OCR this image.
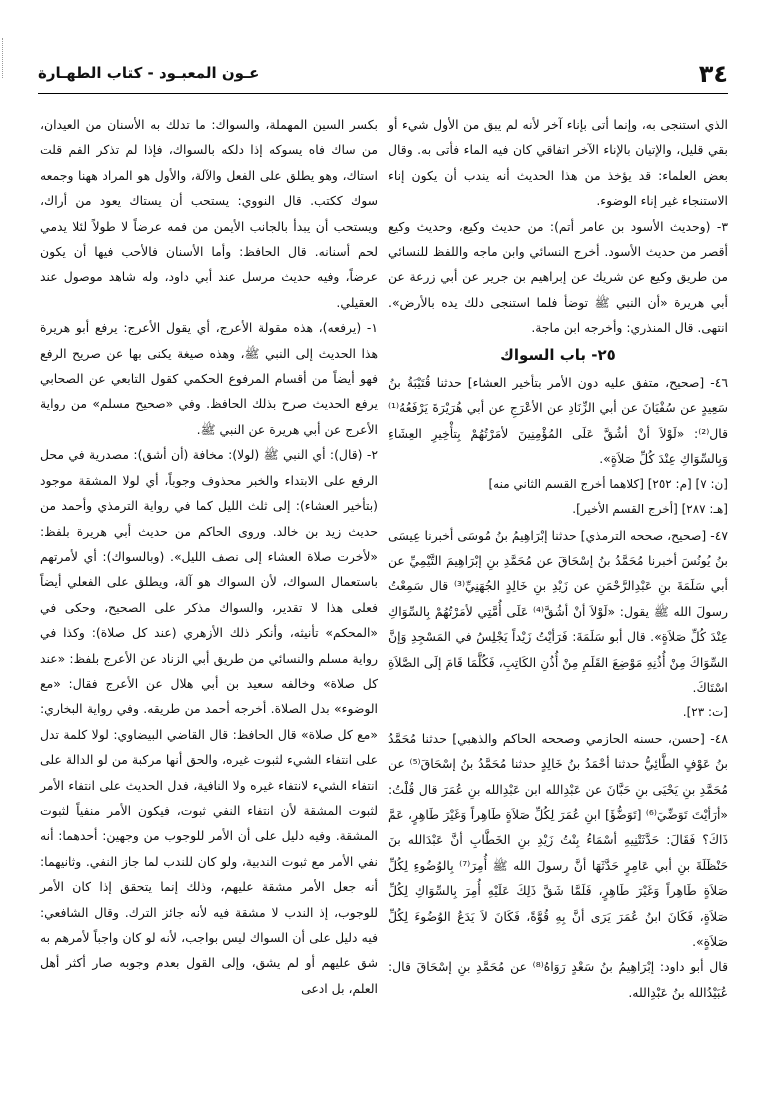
٣٤
عـون المعبـود - كتاب الطهـارة

الذي استنجى به، وإنما أتى بإناء آخر لأنه لم يبق من الأول شيء أو بقي قليل، والإتيان بالإناء الآخر اتفاقي كان فيه الماء فأتى به. وقال بعض العلماء: قد يؤخذ من هذا الحديث أنه يندب أن يكون إناء الاستنجاء غير إناء الوضوء.

٣- (وحديث الأسود بن عامر أتم): من حديث وكيع، وحديث وكيع أقصر من حديث الأسود. أخرج النسائي وابن ماجه واللفظ للنسائي من طريق وكيع عن شريك عن إبراهيم بن جرير عن أبي زرعة عن أبي هريرة «أن النبي ﷺ توضأ فلما استنجى دلك يده بالأرض». انتهى. قال المنذري: وأخرجه ابن ماجة.

٢٥- باب السواك

٤٦- [صحيح، متفق عليه دون الأمر بتأخير العشاء] حدثنا قُتَيْبَةُ بنُ سَعِيدٍ عن سُفْيَانَ عن أبي الزِّنَادِ عن الأعْرَجِ عن أبي هُرَيْرَةَ يَرْفَعُهُ⁽¹⁾ قال⁽²⁾: «لَوْلاَ أنْ أشُقَّ عَلَى المُؤْمِنِينَ لأمَرْتُهُمْ بِتأْخِيرِ العِشَاءِ وَبِالسِّوَاكِ عِنْدَ كُلِّ صَلاَةٍ».

[ن: ٧] [م: ٢٥٢] [كلاهما أخرج القسم الثاني منه]

[هـ: ٢٨٧] [أخرج القسم الأخير].

٤٧- [صحيح، صححه الترمذي] حدثنا إبْرَاهِيمُ بنُ مُوسَى أخبرنا عِيسَى بنُ يُونُسَ أخبرنا مُحَمَّدُ بنُ إسْحَاقَ عن مُحَمَّدِ بنِ إبْرَاهِيمَ التَّيْمِيِّ عن أبي سَلَمَةَ بنِ عَبْدِالرَّحْمَنِ عن زَيْدِ بنِ خَالِدٍ الجُهَنِيِّ⁽³⁾ قال سَمِعْتُ رسولَ الله ﷺ يقول: «لَوْلاَ أنْ أشُقَّ⁽⁴⁾ عَلَى أُمَّتِي لأمَرْتُهُمْ بِالسِّوَاكِ عِنْدَ كُلِّ صَلاَةٍ». قال أبو سَلَمَةَ: فَرَأيْتُ زَيْداً يَجْلِسُ في المَسْجِدِ وَإنَّ السِّوَاكَ مِنْ أُذُنِهِ مَوْضِعَ القَلَمِ مِنْ أُذُنِ الكَاتِبِ، فَكُلَّمَا قَامَ إلَى الصَّلاَةِ اسْتَاكَ.

[ت: ٢٣].

٤٨- [حسن، حسنه الحازمي وصححه الحاكم والذهبي] حدثنا مُحَمَّدُ بنُ عَوْفٍ الطَّائِيُّ حدثنا أحْمَدُ بنُ خَالِدٍ حدثنا مُحَمَّدُ بنُ إسْحَاقَ⁽⁵⁾ عن مُحَمَّدِ بنِ يَحْيَى بنِ حَبَّانَ عن عَبْدِالله ابن عَبْدِالله بنِ عُمَرَ قال قُلْتُ: «أرَأيْتَ تَوَضِّيَ⁽⁶⁾ [تَوَضُّؤَ] ابنِ عُمَرَ لِكُلِّ صَلاَةٍ طَاهِراً وَغَيْرَ طَاهِرٍ، عَمَّ ذَاكَ؟ فَقَالَ: حَدَّثَتْنِيهِ أسْمَاءُ بِنْتُ زَيْدِ بنِ الخَطَّابِ أنَّ عَبْدَالله بنَ حَنْظَلَةَ بنِ أبي عَامِرٍ حَدَّثَهَا أنَّ رسولَ الله ﷺ أُمِرَ⁽⁷⁾ بِالوُضُوءِ لِكُلِّ صَلاَةٍ طَاهِراً وَغَيْرَ طَاهِرٍ، فَلَمَّا شَقَّ ذَلِكَ عَلَيْهِ أُمِرَ بِالسِّوَاكِ لِكُلِّ صَلاَةٍ، فَكَانَ ابنُ عُمَرَ يَرَى أنَّ بِهِ قُوَّةً، فَكَانَ لاَ يَدَعُ الوُضُوءَ لِكُلِّ صَلاَةٍ».

قال أبو داود: إبْرَاهِيمُ بنُ سَعْدٍ رَوَاهُ⁽⁸⁾ عن مُحَمَّدِ بنِ إسْحَاقَ قال: عُبَيْدُالله بنُ عَبْدِالله.

بكسر السين المهملة، والسواك: ما تدلك به الأسنان من العيدان، من ساك فاه يسوكه إذا دلكه بالسواك، فإذا لم تذكر الفم قلت استاك، وهو يطلق على الفعل والآلة، والأول هو المراد ههنا وجمعه سوك ككتب. قال النووي: يستحب أن يستاك يعود من أراك، ويستحب أن يبدأ بالجانب الأيمن من فمه عرضاً لا طولاً لئلا يدمي لحم أسنانه. قال الحافظ: وأما الأسنان فالأحب فيها أن يكون عرضاً، وفيه حديث مرسل عند أبي داود، وله شاهد موصول عند العقيلي.

١- (يرفعه)، هذه مقولة الأعرج، أي يقول الأعرج: يرفع أبو هريرة هذا الحديث إلى النبي ﷺ، وهذه صيغة يكنى بها عن صريح الرفع فهو أيضاً من أقسام المرفوع الحكمي كقول التابعي عن الصحابي يرفع الحديث صرح بذلك الحافظ. وفي «صحيح مسلم» من رواية الأعرج عن أبي هريرة عن النبي ﷺ.

٢- (قال): أي النبي ﷺ (لولا): مخافة (أن أشق): مصدرية في محل الرفع على الابتداء والخبر محذوف وجوباً، أي لولا المشقة موجود (بتأخير العشاء): إلى ثلث الليل كما في رواية الترمذي وأحمد من حديث زيد بن خالد. وروى الحاكم من حديث أبي هريرة بلفظ: «لأخرت صلاة العشاء إلى نصف الليل». (وبالسواك): أي لأمرتهم باستعمال السواك، لأن السواك هو آلة، ويطلق على الفعلي أيضاً فعلى هذا لا تقدير، والسواك مذكر على الصحيح، وحكى في «المحكم» تأنيثه، وأنكر ذلك الأزهري (عند كل صلاة): وكذا في رواية مسلم والنسائي من طريق أبي الزناد عن الأعرج بلفظ: «عند كل صلاة» وخالفه سعيد بن أبي هلال عن الأعرج فقال: «مع الوضوء» بدل الصلاة. أخرجه أحمد من طريقه. وفي رواية البخاري: «مع كل صلاة» قال الحافظ: قال القاضي البيضاوي: لولا كلمة تدل على انتفاء الشيء لثبوت غيره، والحق أنها مركبة من لو الدالة على انتفاء الشيء لانتفاء غيره ولا النافية، فدل الحديث على انتفاء الأمر لثبوت المشقة لأن انتفاء النفي ثبوت، فيكون الأمر منفياً لثبوت المشقة. وفيه دليل على أن الأمر للوجوب من وجهين: أحدهما: أنه نفي الأمر مع ثبوت الندبية، ولو كان للندب لما جاز النفي. وثانيهما: أنه جعل الأمر مشقة عليهم، وذلك إنما يتحقق إذا كان الأمر للوجوب، إذ الندب لا مشقة فيه لأنه جائز الترك. وقال الشافعي: فيه دليل على أن السواك ليس بواجب، لأنه لو كان واجباً لأمرهم به شق عليهم أو لم يشق، وإلى القول بعدم وجوبه صار أكثر أهل العلم، بل ادعى
